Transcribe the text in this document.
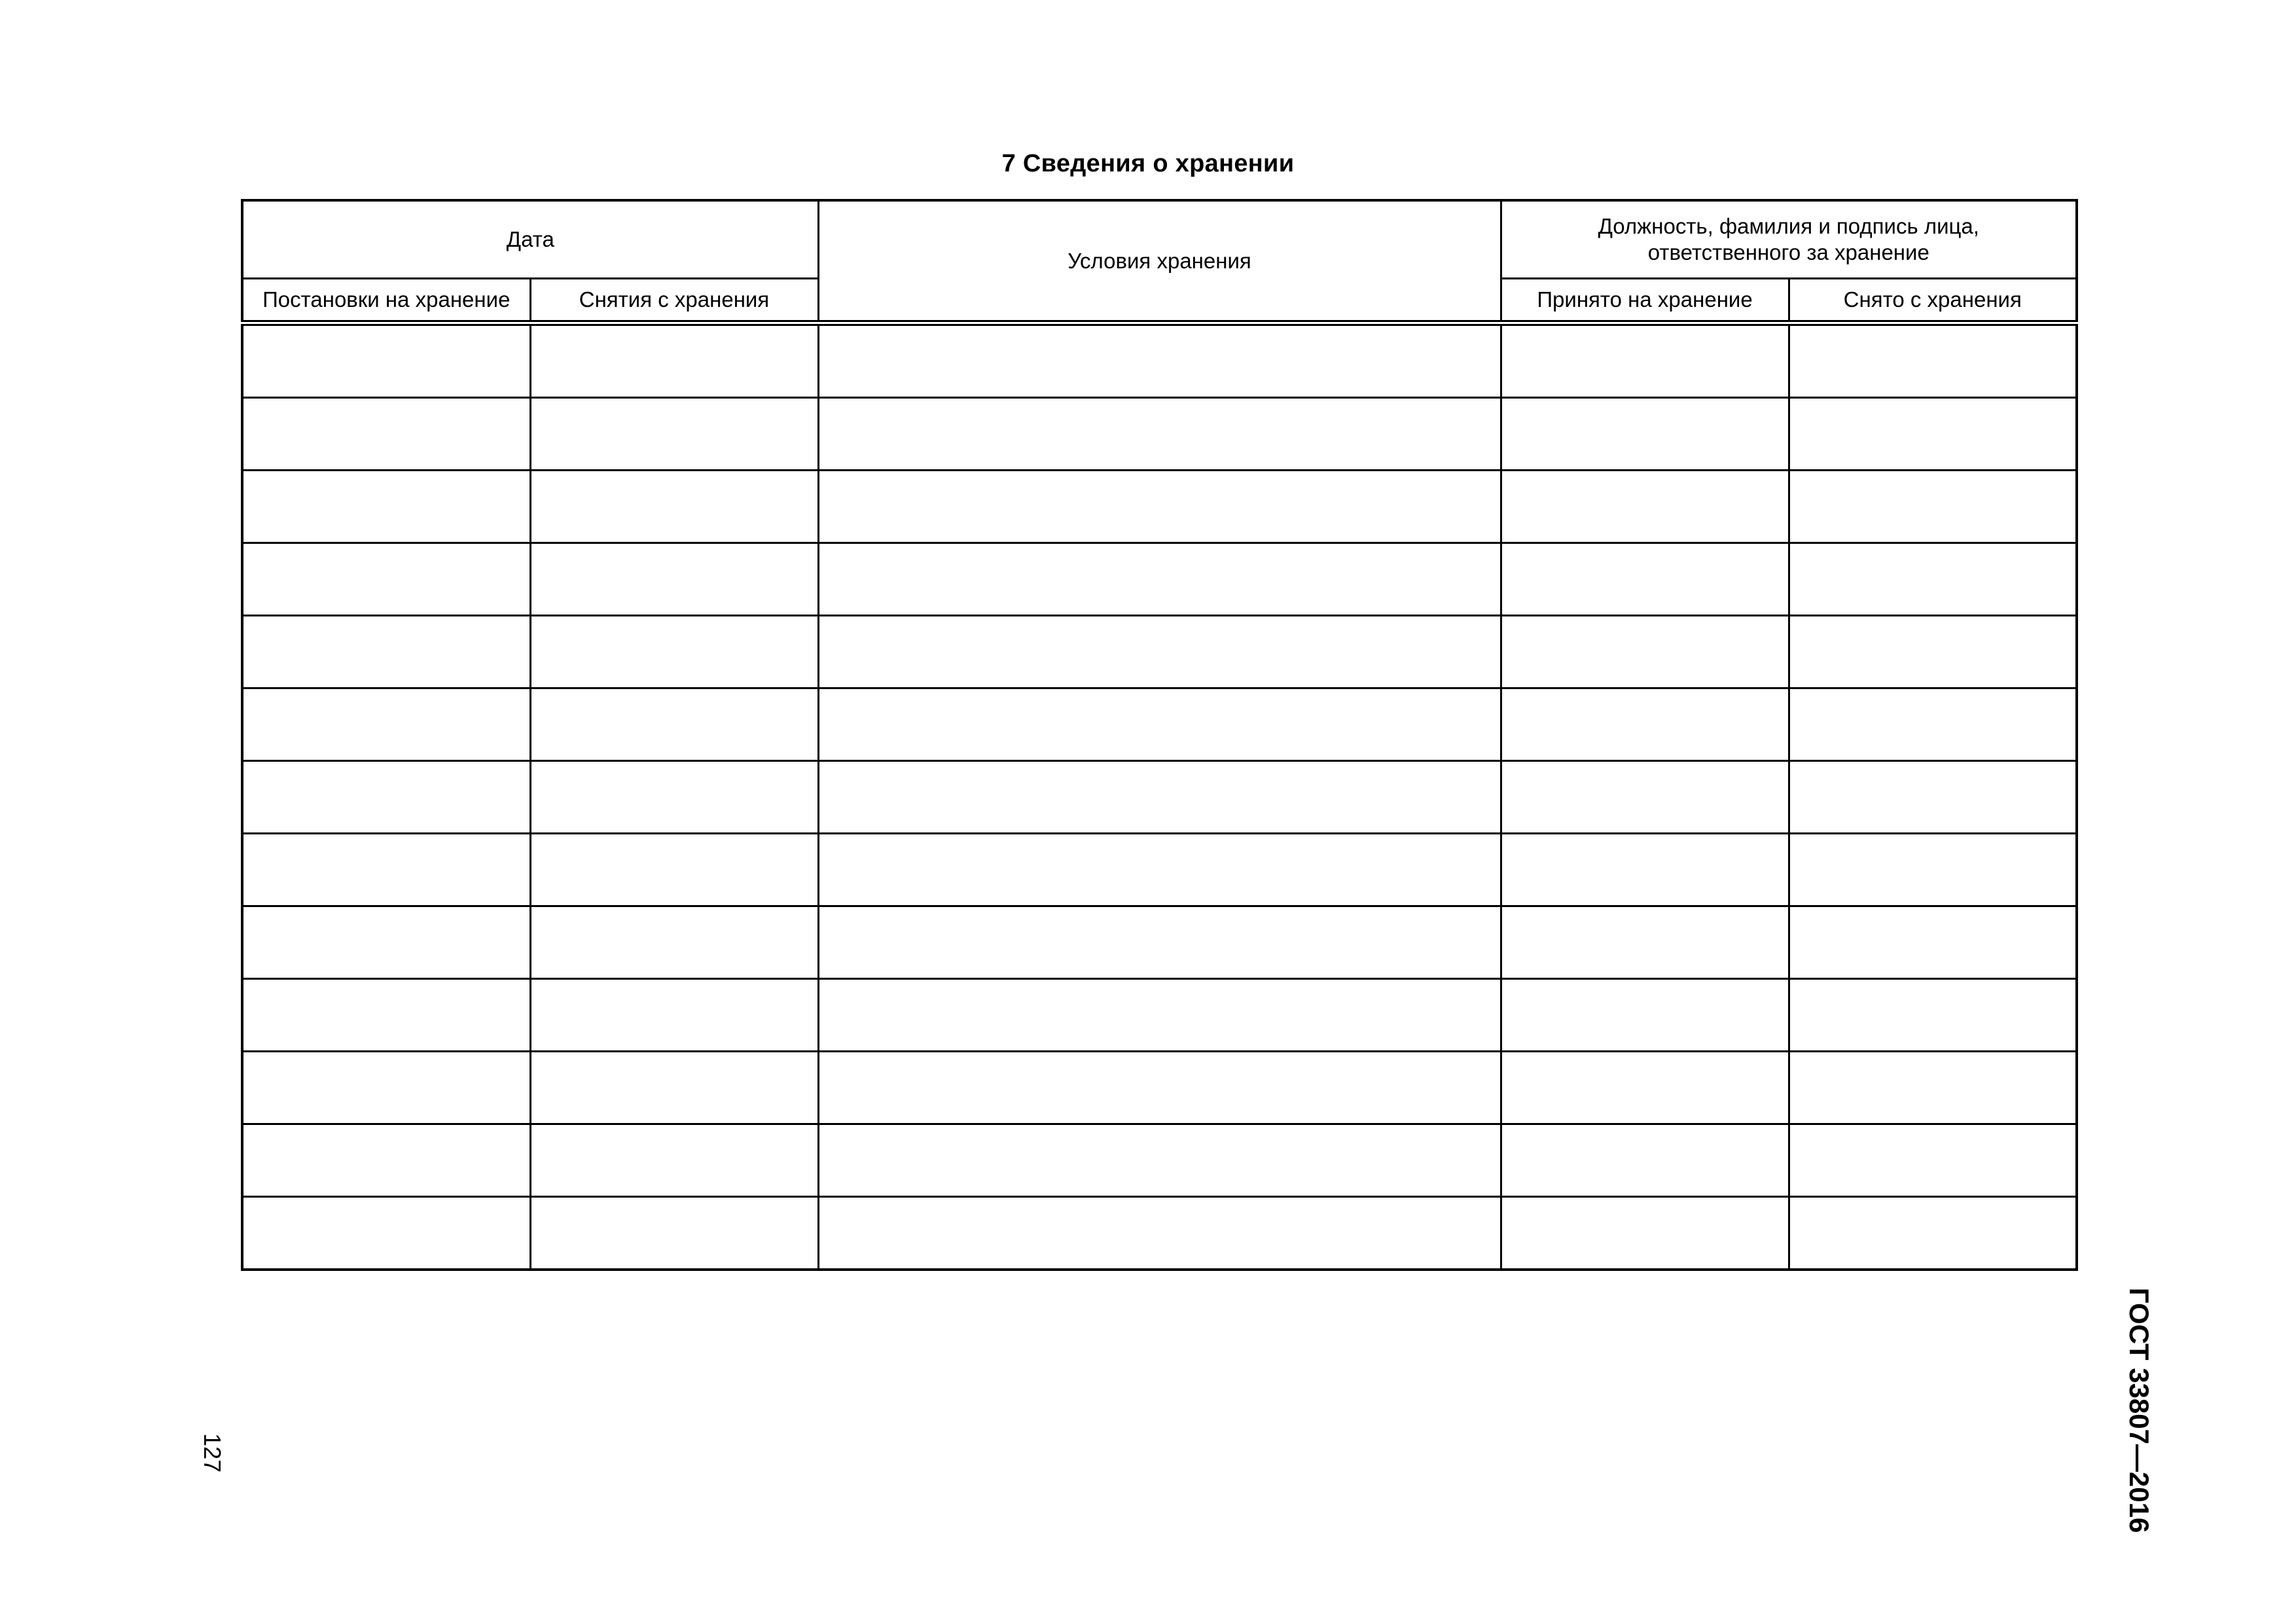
7 Сведения о хранении
Дата		Условия хранения	Должность, фамилия и подпись лица, ответственного за хранение	
Постановки на хранение	Снятия с хранения		Принято на хранение	Снято с хранения

127	ГОСТ 33807—2016
